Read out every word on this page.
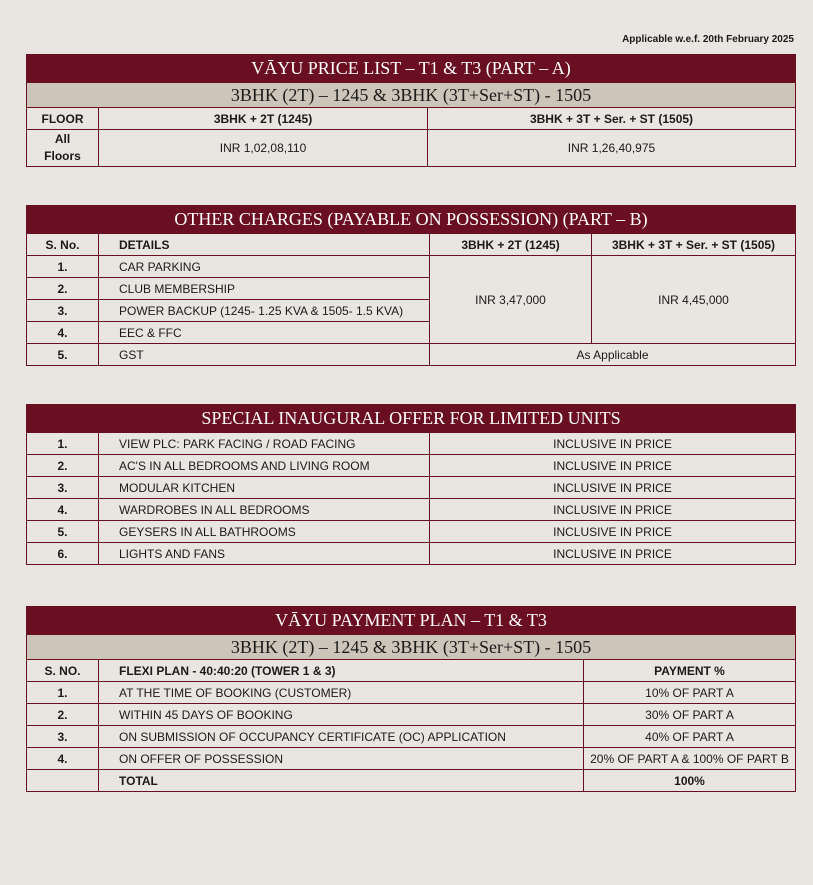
Applicable w.e.f. 20th February 2025
VĀYU PRICE LIST – T1 & T3 (PART – A)		
3BHK (2T) – 1245 & 3BHK (3T+Ser+ST) - 1505		
FLOOR	3BHK + 2T (1245)	3BHK + 3T + Ser. + ST (1505)

All
Floors	INR 1,02,08,110	INR 1,26,40,975
OTHER CHARGES (PAYABLE ON POSSESSION) (PART – B)			
S. No.	DETAILS	3BHK + 2T (1245)	3BHK + 3T + Ser. + ST (1505)
1.	CAR PARKING	INR 3,47,000	INR 4,45,000
2.	CLUB MEMBERSHIP		
3.	POWER BACKUP (1245- 1.25 KVA & 1505- 1.5 KVA)		
4.	EEC & FFC		
5.	GST	As Applicable	
SPECIAL INAUGURAL OFFER FOR LIMITED UNITS		
1.	VIEW PLC: PARK FACING / ROAD FACING	INCLUSIVE IN PRICE
2.	AC'S IN ALL BEDROOMS AND LIVING ROOM	INCLUSIVE IN PRICE
3.	MODULAR KITCHEN	INCLUSIVE IN PRICE
4.	WARDROBES IN ALL BEDROOMS	INCLUSIVE IN PRICE
5.	GEYSERS IN ALL BATHROOMS	INCLUSIVE IN PRICE
6.	LIGHTS AND FANS	INCLUSIVE IN PRICE
VĀYU PAYMENT PLAN – T1 & T3		
3BHK (2T) – 1245 & 3BHK (3T+Ser+ST) - 1505		
S. NO.	FLEXI PLAN - 40:40:20 (TOWER 1 & 3)	PAYMENT %
1.	AT THE TIME OF BOOKING (CUSTOMER)	10% OF PART A
2.	WITHIN 45 DAYS OF BOOKING	30% OF PART A
3.	ON SUBMISSION OF OCCUPANCY CERTIFICATE (OC) APPLICATION	40% OF PART A
4.	ON OFFER OF POSSESSION	20% OF PART A & 100% OF PART B
	TOTAL	100%
